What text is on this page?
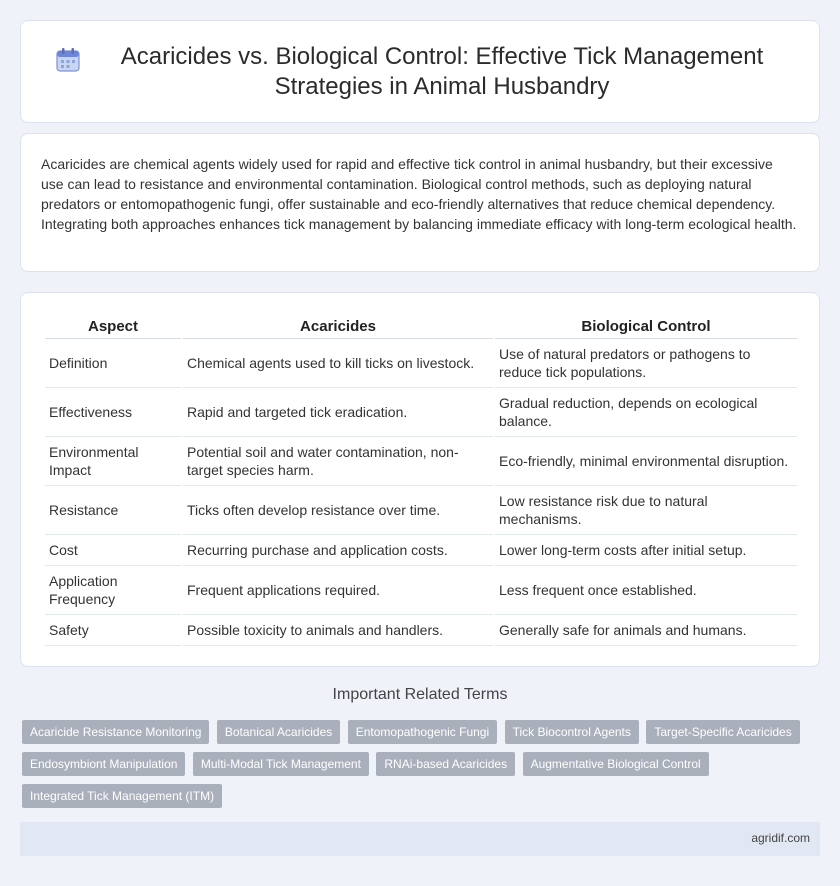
Acaricides vs. Biological Control: Effective Tick Management Strategies in Animal Husbandry

Acaricides are chemical agents widely used for rapid and effective tick control in animal husbandry, but their excessive use can lead to resistance and environmental contamination. Biological control methods, such as deploying natural predators or entomopathogenic fungi, offer sustainable and eco-friendly alternatives that reduce chemical dependency. Integrating both approaches enhances tick management by balancing immediate efficacy with long-term ecological health.

Aspect	Acaricides	Biological Control
Definition	Chemical agents used to kill ticks on livestock.	Use of natural predators or pathogens to reduce tick populations.
Effectiveness	Rapid and targeted tick eradication.	Gradual reduction, depends on ecological balance.
Environmental Impact	Potential soil and water contamination, non-target species harm.	Eco-friendly, minimal environmental disruption.
Resistance	Ticks often develop resistance over time.	Low resistance risk due to natural mechanisms.
Cost	Recurring purchase and application costs.	Lower long-term costs after initial setup.
Application Frequency	Frequent applications required.	Less frequent once established.
Safety	Possible toxicity to animals and handlers.	Generally safe for animals and humans.
Important Related Terms
Acaricide Resistance Monitoring Botanical Acaricides Entomopathogenic Fungi Tick Biocontrol Agents Target-Specific Acaricides Endosymbiont Manipulation Multi-Modal Tick Management RNAi-based Acaricides Augmentative Biological Control Integrated Tick Management (ITM)
agridif.com
